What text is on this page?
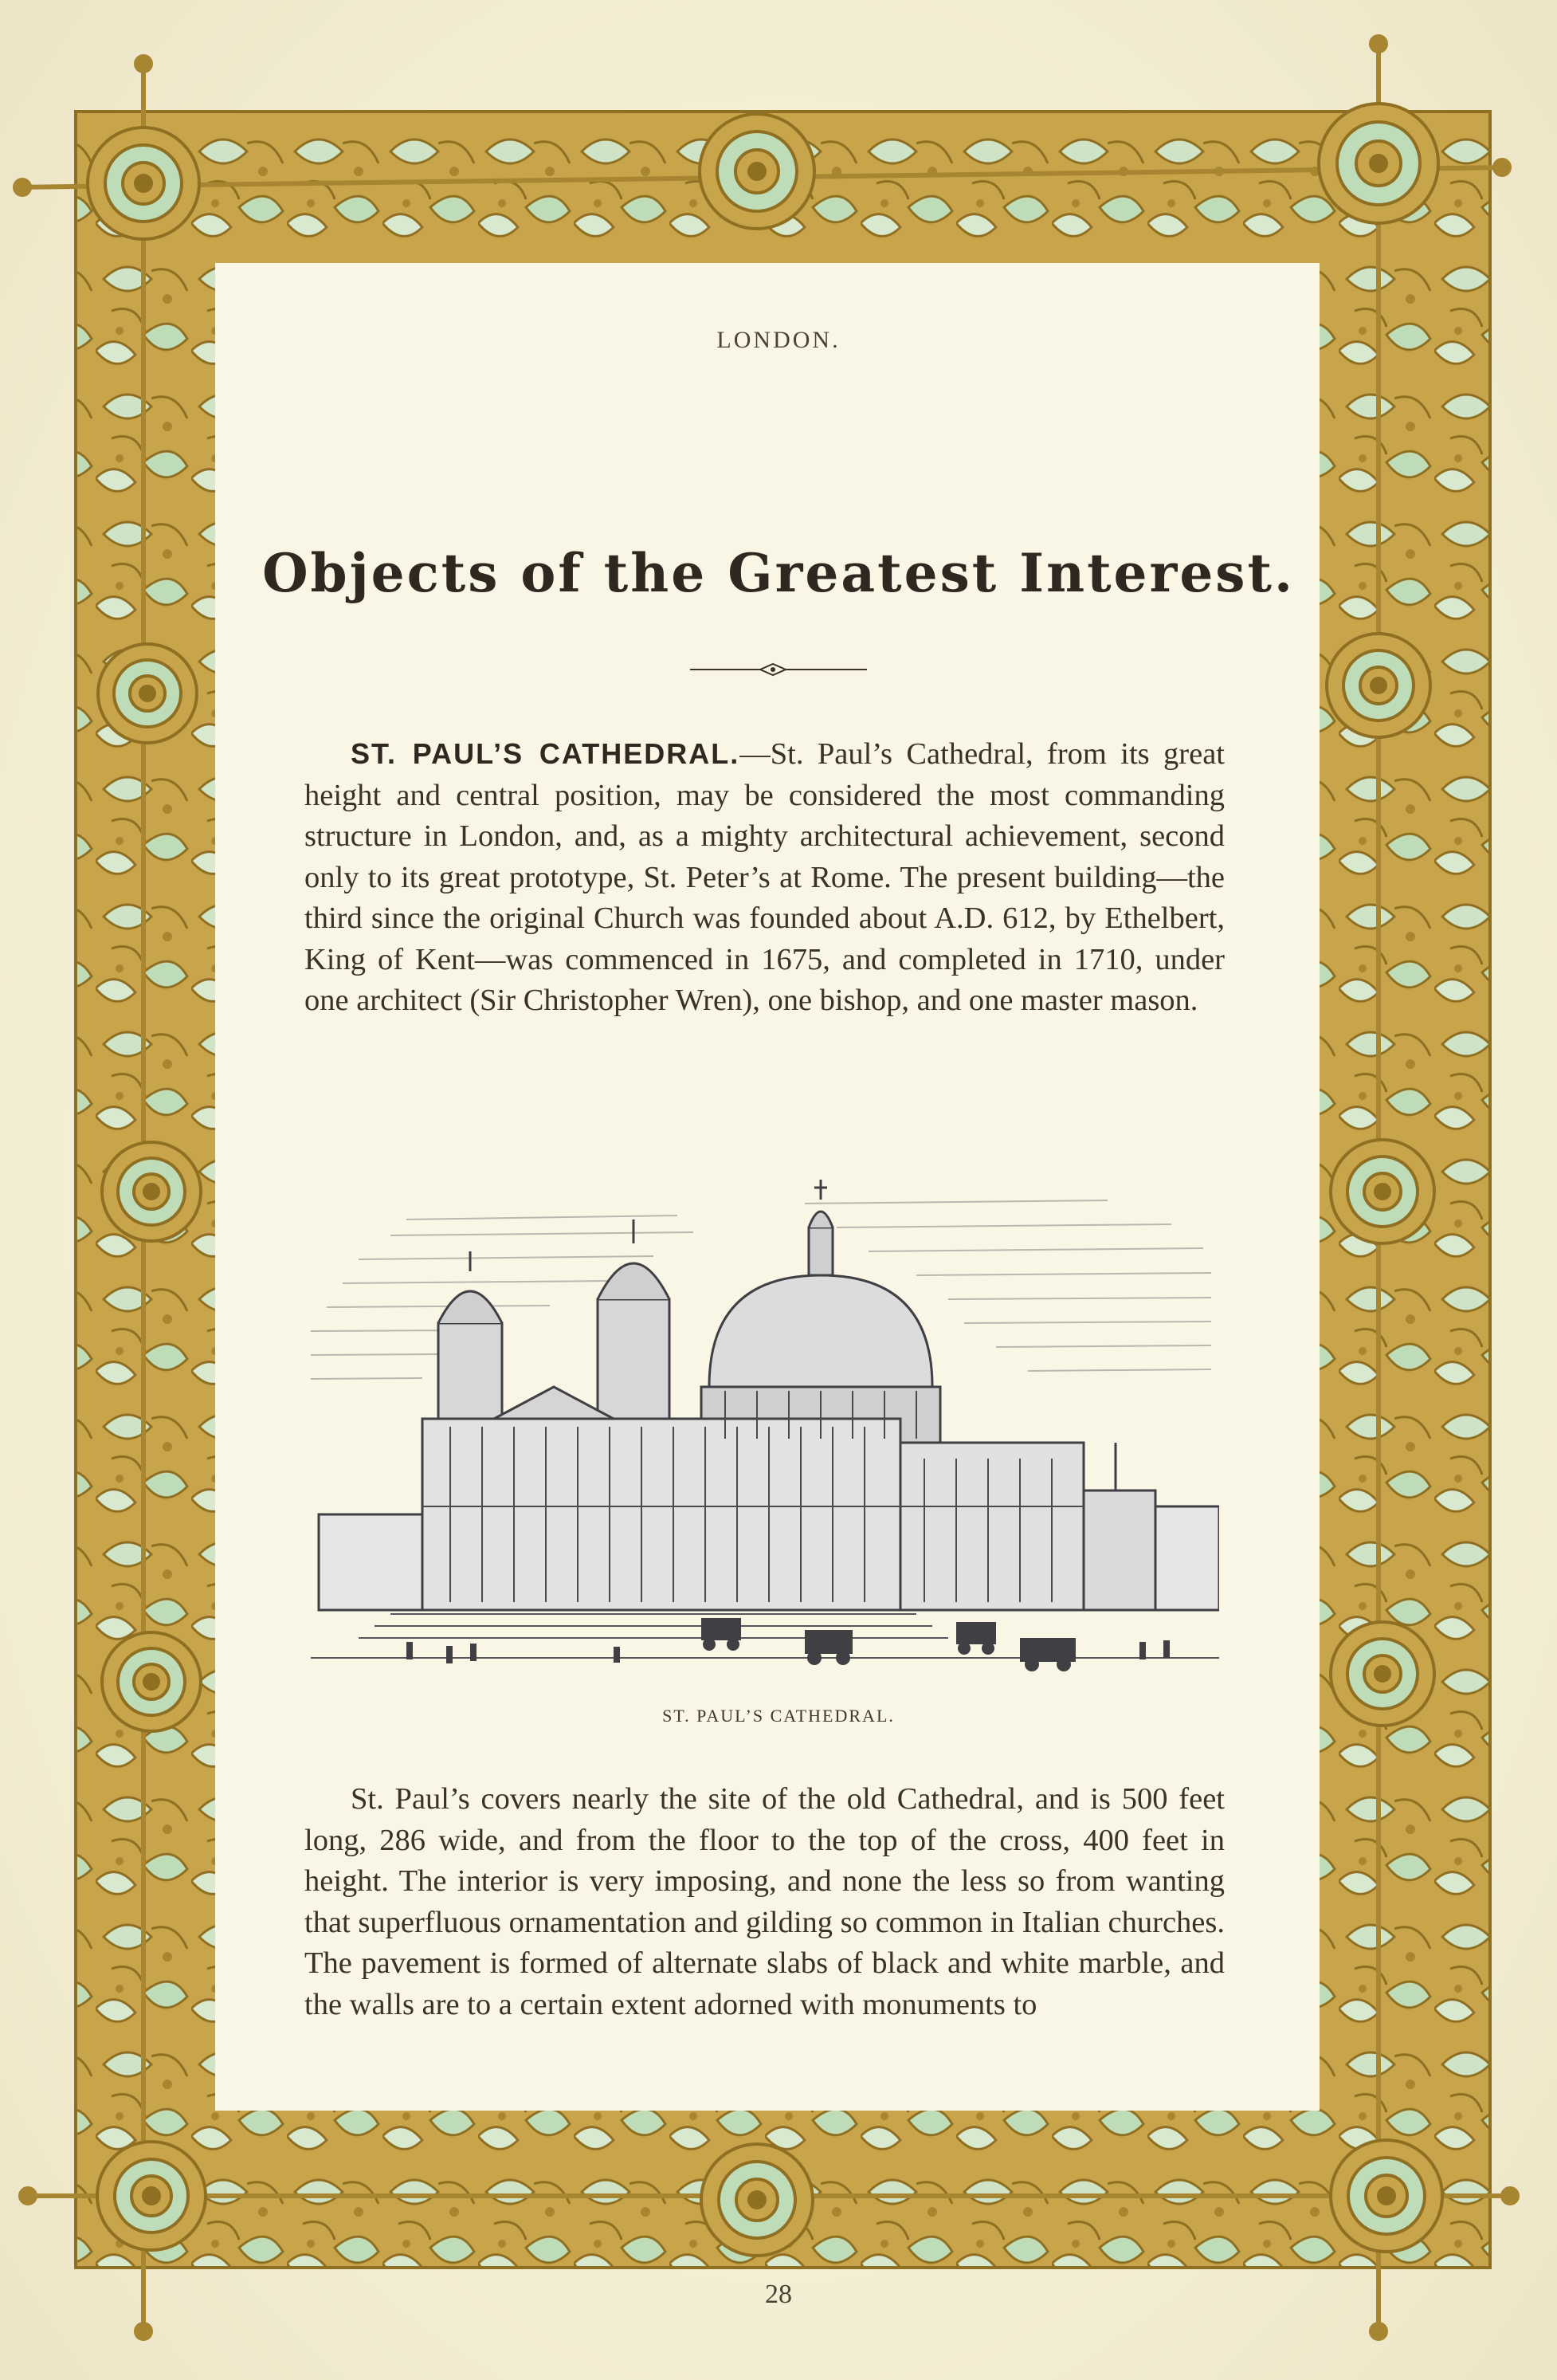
LONDON.
Objects of the Greatest Interest.
ST. PAUL’S CATHEDRAL.—St. Paul’s Cathedral, from its great height and central position, may be considered the most commanding structure in London, and, as a mighty architectural achievement, second only to its great prototype, St. Peter’s at Rome. The present building—the third since the original Church was founded about A.D. 612, by Ethelbert, King of Kent—was commenced in 1675, and completed in 1710, under one architect (Sir Christopher Wren), one bishop, and one master mason.
ST. PAUL’S CATHEDRAL.
St. Paul’s covers nearly the site of the old Cathedral, and is 500 feet long, 286 wide, and from the floor to the top of the cross, 400 feet in height. The interior is very imposing, and none the less so from wanting that superfluous ornamentation and gilding so common in Italian churches. The pavement is formed of alternate slabs of black and white marble, and the walls are to a certain extent adorned with monuments to
28
